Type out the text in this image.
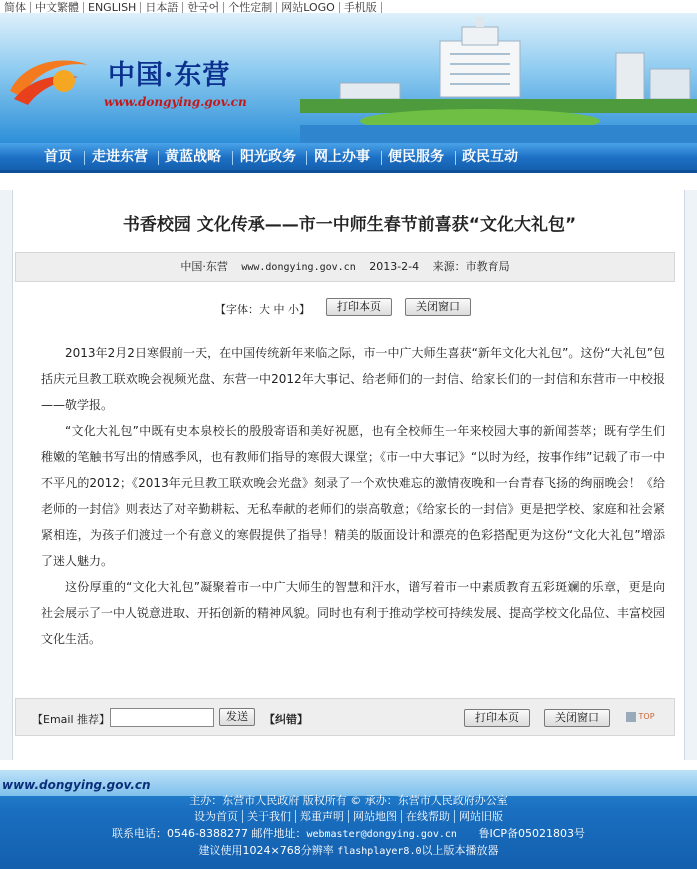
简体 中文繁體 ENGLISH 日本語 한국어 个性定制 网站LOGO 手机版
中国·东营
www.dongying.gov.cn
首页 走进东营 黄蓝战略 阳光政务 网上办事 便民服务 政民互动
书香校园 文化传承——市一中师生春节前喜获“文化大礼包”
中国·东营 www.dongying.gov.cn 2013-2-4 来源：市教育局
【字体：大 中 小】	打印本页	关闭窗口

2013年2月2日寒假前一天，在中国传统新年来临之际，市一中广大师生喜获“新年文化大礼包”。这份“大礼包”包括庆元旦教工联欢晚会视频光盘、东营一中2012年大事记、给老师们的一封信、给家长们的一封信和东营市一中校报——敬学报。

“文化大礼包”中既有史本泉校长的殷殷寄语和美好祝愿，也有全校师生一年来校园大事的新闻荟萃；既有学生们稚嫩的笔触书写出的情感季风，也有教师们指导的寒假大课堂；《市一中大事记》“以时为经，按事作纬”记载了市一中不平凡的2012；《2013年元旦教工联欢晚会光盘》刻录了一个欢快难忘的激情夜晚和一台青春飞扬的绚丽晚会！《给老师的一封信》则表达了对辛勤耕耘、无私奉献的老师们的崇高敬意；《给家长的一封信》更是把学校、家庭和社会紧紧相连，为孩子们渡过一个有意义的寒假提供了指导！精美的版面设计和漂亮的色彩搭配更为这份“文化大礼包”增添了迷人魅力。

这份厚重的“文化大礼包”凝聚着市一中广大师生的智慧和汗水，谱写着市一中素质教育五彩斑斓的乐章，更是向社会展示了一中人锐意进取、开拓创新的精神风貌。同时也有利于推动学校可持续发展、提高学校文化品位、丰富校园文化生活。

【Email 推荐】	发送	【纠错】	打印本页	关闭窗口	TOP
www.dongying.gov.cn
主办：东营市人民政府 版权所有 © 承办：东营市人民政府办公室
设为首页 关于我们 郑重声明 网站地图 在线帮助 网站旧版
联系电话：0546-8388277 邮件地址：webmaster@dongying.gov.cn 鲁ICP备05021803号
建议使用1024×768分辨率 flashplayer8.0以上版本播放器
